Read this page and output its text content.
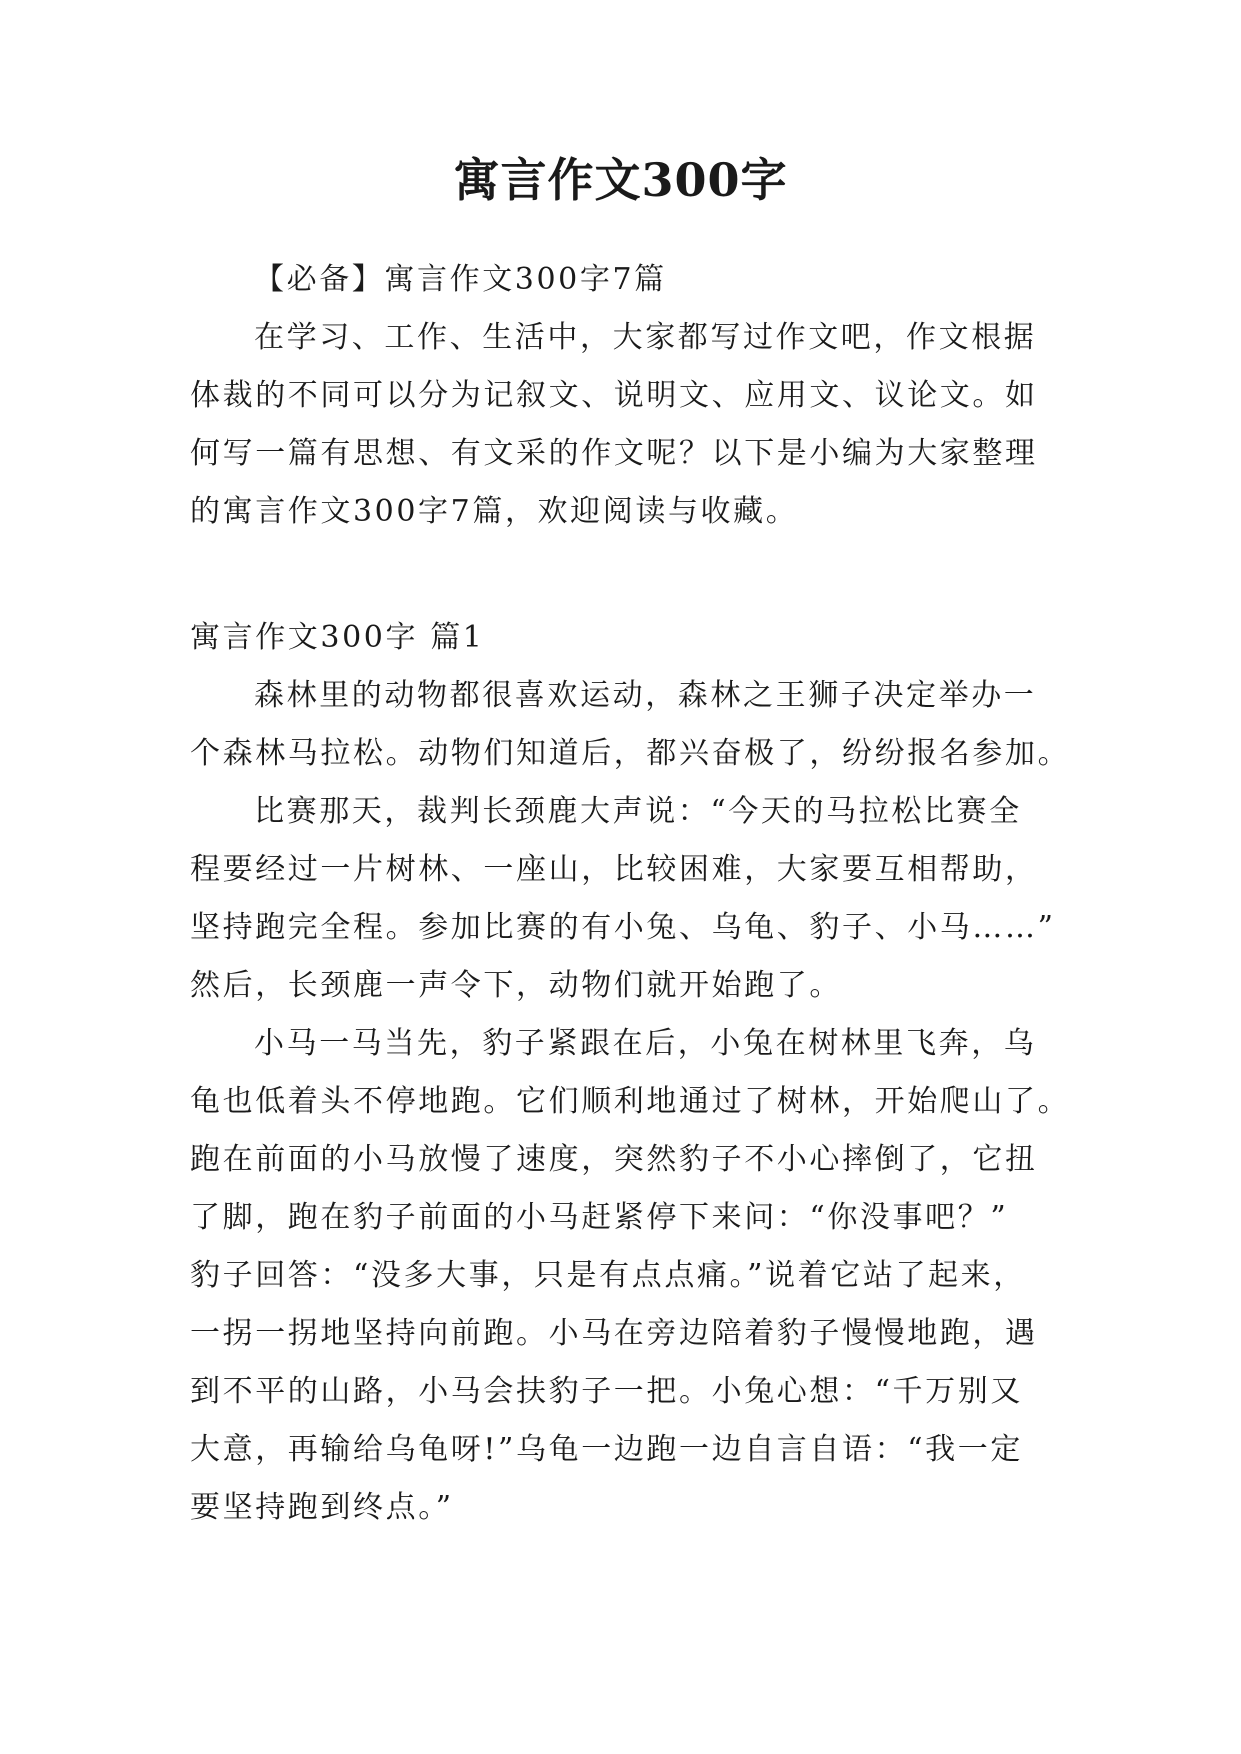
寓言作文300字
【必备】寓言作文300字7篇
在学习、工作、生活中，大家都写过作文吧，作文根据
体裁的不同可以分为记叙文、说明文、应用文、议论文。如
何写一篇有思想、有文采的作文呢？以下是小编为大家整理
的寓言作文300字7篇，欢迎阅读与收藏。
寓言作文300字 篇1
森林里的动物都很喜欢运动，森林之王狮子决定举办一
个森林马拉松。动物们知道后，都兴奋极了，纷纷报名参加。
比赛那天，裁判长颈鹿大声说：“今天的马拉松比赛全
程要经过一片树林、一座山，比较困难，大家要互相帮助，
坚持跑完全程。参加比赛的有小兔、乌龟、豹子、小马……”
然后，长颈鹿一声令下，动物们就开始跑了。
小马一马当先，豹子紧跟在后，小兔在树林里飞奔，乌
龟也低着头不停地跑。它们顺利地通过了树林，开始爬山了。
跑在前面的小马放慢了速度，突然豹子不小心摔倒了，它扭
了脚，跑在豹子前面的小马赶紧停下来问：“你没事吧？”
豹子回答：“没多大事，只是有点点痛。”说着它站了起来，
一拐一拐地坚持向前跑。小马在旁边陪着豹子慢慢地跑，遇
到不平的山路，小马会扶豹子一把。小兔心想：“千万别又
大意，再输给乌龟呀!”乌龟一边跑一边自言自语：“我一定
要坚持跑到终点。”
